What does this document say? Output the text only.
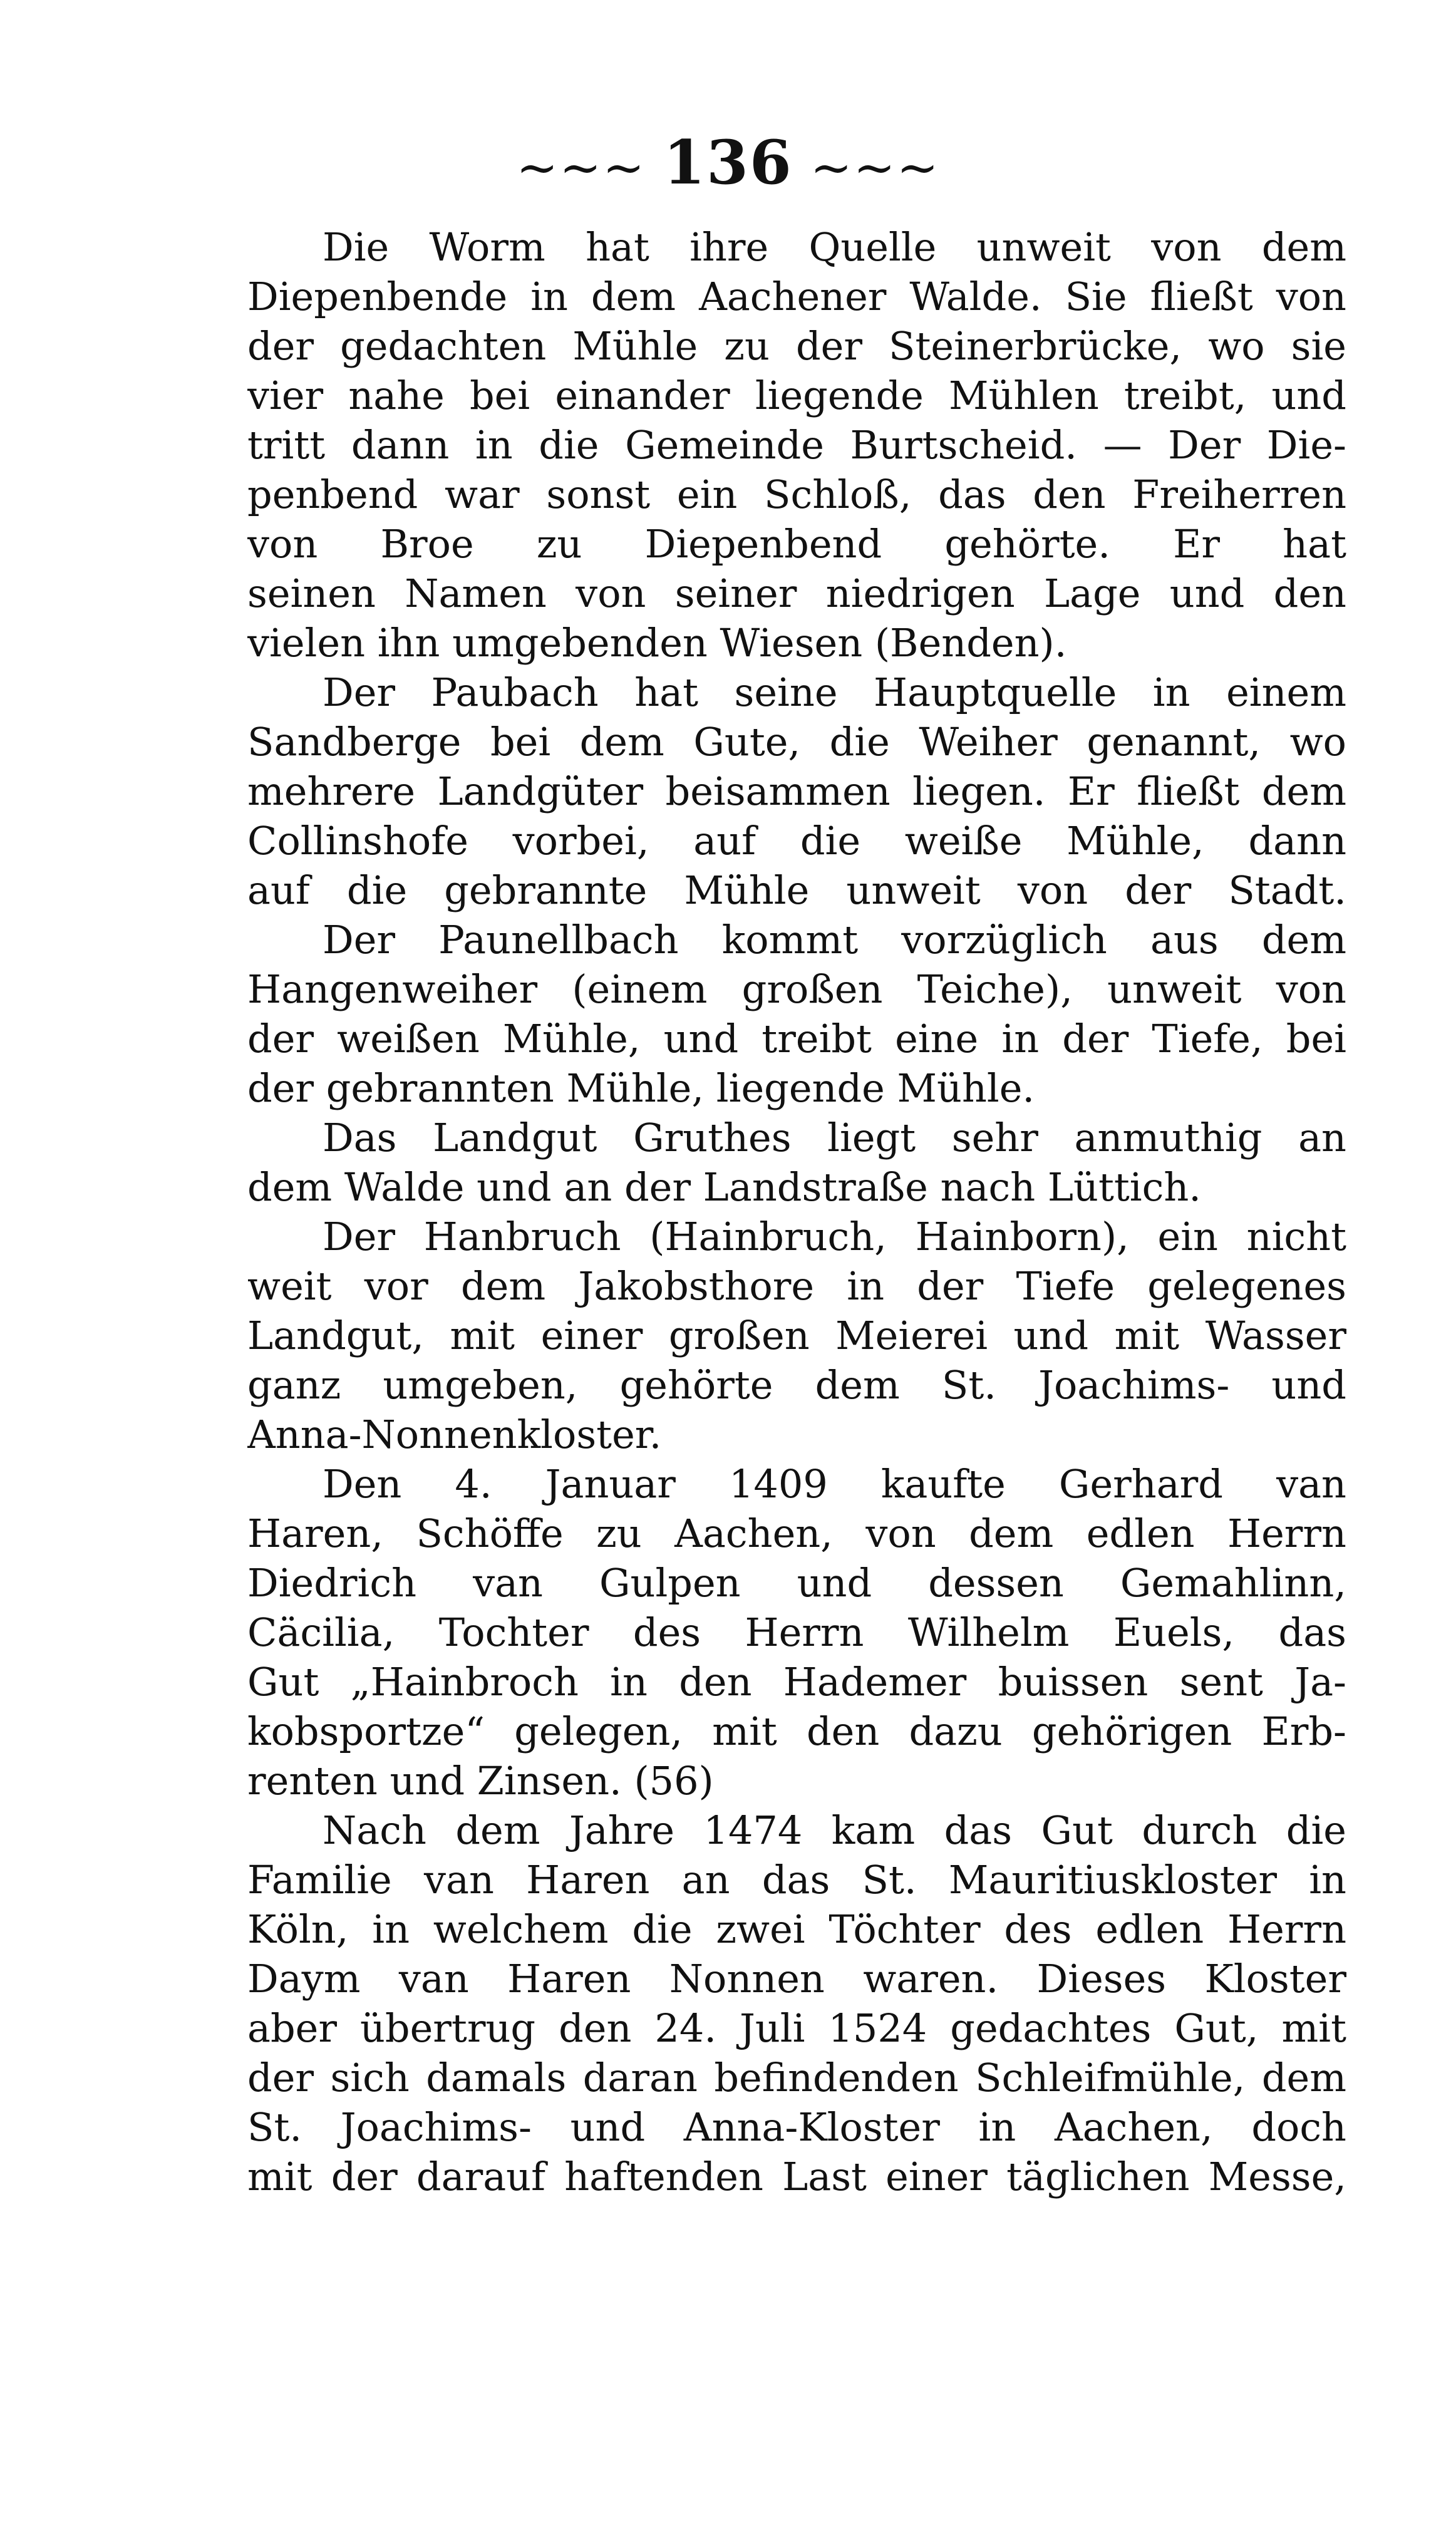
~~~ 136 ~~~
Die Worm hat ihre Quelle unweit von dem
Diepenbende in dem Aachener Walde. Sie fließt von
der gedachten Mühle zu der Steinerbrücke, wo sie
vier nahe bei einander liegende Mühlen treibt, und
tritt dann in die Gemeinde Burtscheid. — Der Die-
penbend war sonst ein Schloß, das den Freiherren
von Broe zu Diepenbend gehörte. Er hat
seinen Namen von seiner niedrigen Lage und den
vielen ihn umgebenden Wiesen (Benden).
Der Paubach hat seine Hauptquelle in einem
Sandberge bei dem Gute, die Weiher genannt, wo
mehrere Landgüter beisammen liegen. Er fließt dem
Collinshofe vorbei, auf die weiße Mühle, dann
auf die gebrannte Mühle unweit von der Stadt.
Der Paunellbach kommt vorzüglich aus dem
Hangenweiher (einem großen Teiche), unweit von
der weißen Mühle, und treibt eine in der Tiefe, bei
der gebrannten Mühle, liegende Mühle.
Das Landgut Gruthes liegt sehr anmuthig an
dem Walde und an der Landstraße nach Lüttich.
Der Hanbruch (Hainbruch, Hainborn), ein nicht
weit vor dem Jakobsthore in der Tiefe gelegenes
Landgut, mit einer großen Meierei und mit Wasser
ganz umgeben, gehörte dem St. Joachims- und
Anna-Nonnenkloster.
Den 4. Januar 1409 kaufte Gerhard van
Haren, Schöffe zu Aachen, von dem edlen Herrn
Diedrich van Gulpen und dessen Gemahlinn,
Cäcilia, Tochter des Herrn Wilhelm Euels, das
Gut „Hainbroch in den Hademer buissen sent Ja-
kobsportze“ gelegen, mit den dazu gehörigen Erb-
renten und Zinsen. (56)
Nach dem Jahre 1474 kam das Gut durch die
Familie van Haren an das St. Mauritiuskloster in
Köln, in welchem die zwei Töchter des edlen Herrn
Daym van Haren Nonnen waren. Dieses Kloster
aber übertrug den 24. Juli 1524 gedachtes Gut, mit
der sich damals daran befindenden Schleifmühle, dem
St. Joachims- und Anna-Kloster in Aachen, doch
mit der darauf haftenden Last einer täglichen Messe,
